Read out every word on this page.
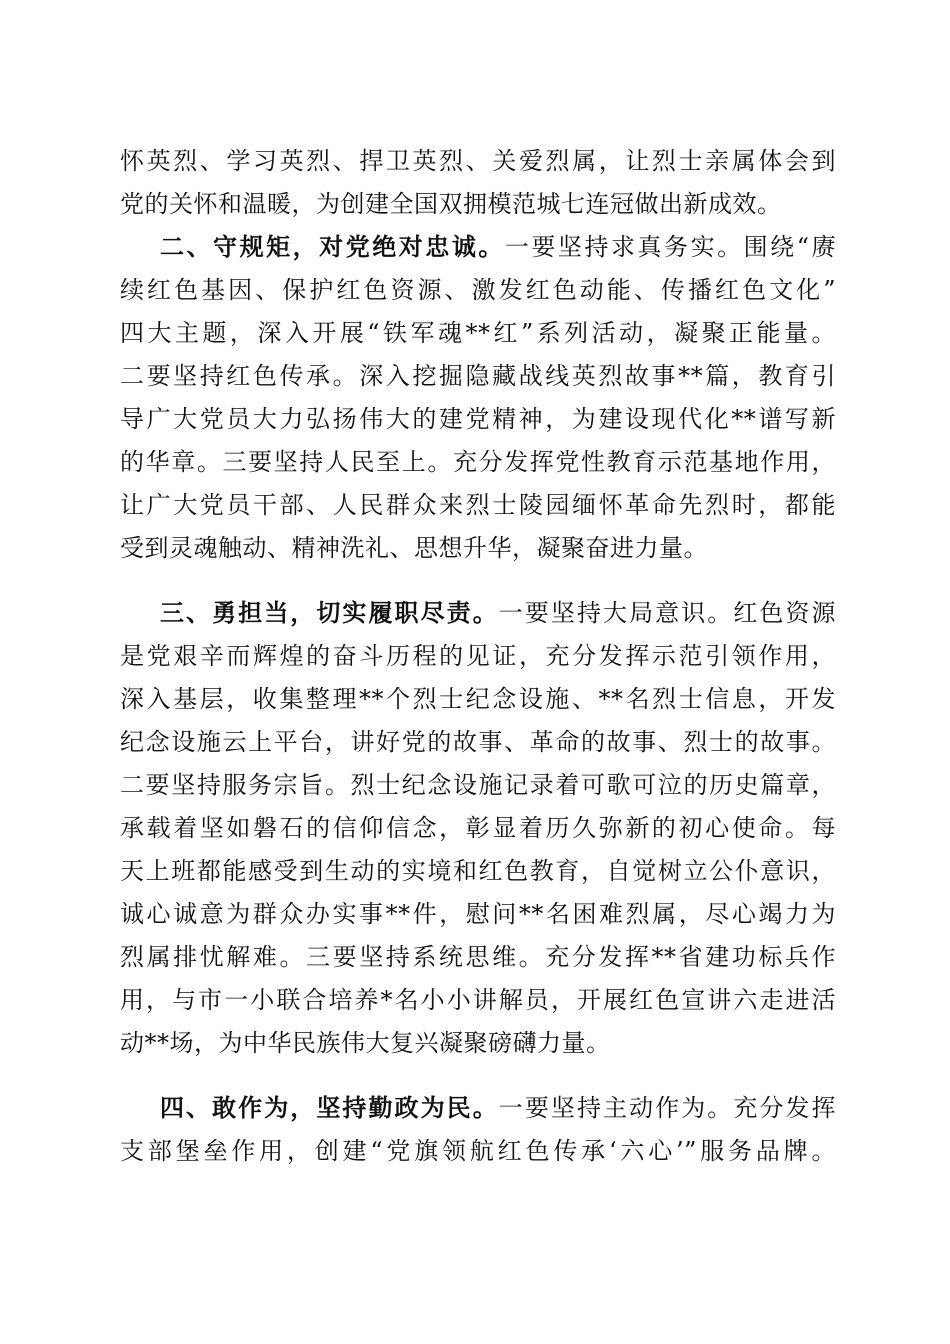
怀英烈、学习英烈、捍卫英烈、关爱烈属，让烈士亲属体会到
党的关怀和温暖，为创建全国双拥模范城七连冠做出新成效。
二、守规矩，对党绝对忠诚。一要坚持求真务实。围绕“赓
续红色基因、保护红色资源、激发红色动能、传播红色文化”
四大主题，深入开展“铁军魂**红”系列活动，凝聚正能量。
二要坚持红色传承。深入挖掘隐藏战线英烈故事**篇，教育引
导广大党员大力弘扬伟大的建党精神，为建设现代化**谱写新
的华章。三要坚持人民至上。充分发挥党性教育示范基地作用，
让广大党员干部、人民群众来烈士陵园缅怀革命先烈时，都能
受到灵魂触动、精神洗礼、思想升华，凝聚奋进力量。
三、勇担当，切实履职尽责。一要坚持大局意识。红色资源
是党艰辛而辉煌的奋斗历程的见证，充分发挥示范引领作用，
深入基层，收集整理**个烈士纪念设施、**名烈士信息，开发
纪念设施云上平台，讲好党的故事、革命的故事、烈士的故事。
二要坚持服务宗旨。烈士纪念设施记录着可歌可泣的历史篇章，
承载着坚如磐石的信仰信念，彰显着历久弥新的初心使命。每
天上班都能感受到生动的实境和红色教育，自觉树立公仆意识，
诚心诚意为群众办实事**件，慰问**名困难烈属，尽心竭力为
烈属排忧解难。三要坚持系统思维。充分发挥**省建功标兵作
用，与市一小联合培养*名小小讲解员，开展红色宣讲六走进活
动**场，为中华民族伟大复兴凝聚磅礴力量。
四、敢作为，坚持勤政为民。一要坚持主动作为。充分发挥
支部堡垒作用，创建“党旗领航红色传承‘六心’”服务品牌。
